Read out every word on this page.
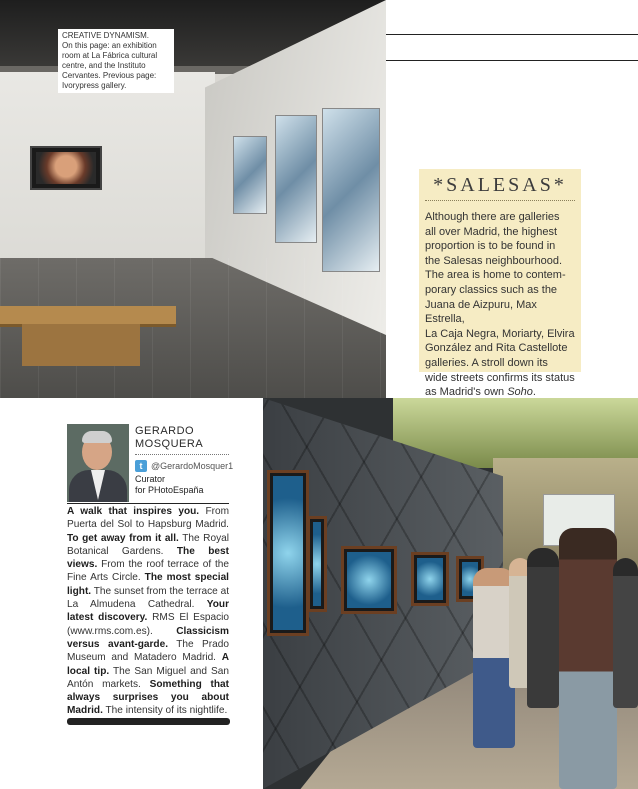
CREATIVE DYNAMISM.
On this page: an exhibition
room at La Fábrica cultural
centre, and the Instituto
Cervantes. Previous page:
Ivorypress gallery.
*SALESAS*
Although there are galleries
all over Madrid, the highest
proportion is to be found in
the Salesas neighbourhood.
The area is home to contem-
porary classics such as the
Juana de Aizpuru, Max Estrella,
La Caja Negra, Moriarty, Elvira
González and Rita Castellote
galleries. A stroll down its
wide streets confirms its status
as Madrid's own Soho.
GERARDO
MOSQUERA
t @GerardoMosquer1
Curator
for PHotoEspaña
A walk that inspires you. From Puerta del Sol to Hapsburg Madrid. To get away from it all. The Royal Botanical Gardens. The best views. From the roof terrace of the Fine Arts Circle. The most special light. The sunset from the terrace at La Almudena Cathedral. Your latest discovery. RMS El Espacio (www.rms.com.es). Classicism versus avant-garde. The Prado Museum and Matadero Madrid. A local tip. The San Miguel and San Antón markets. Something that always surprises you about Madrid. The intensity of its nightlife.
